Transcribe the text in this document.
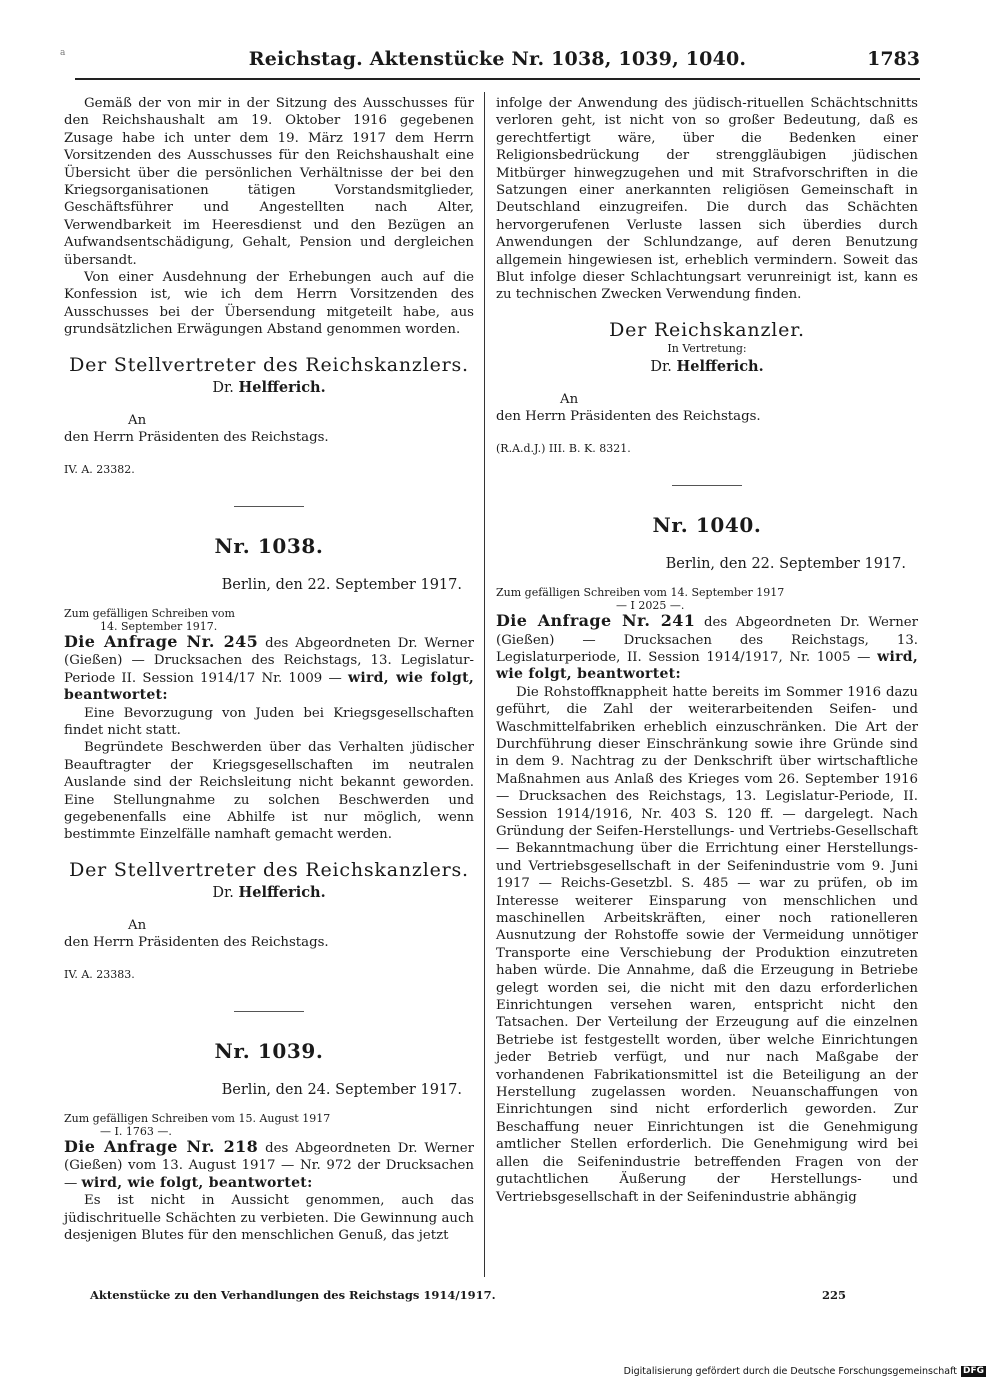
a	Reichstag. Aktenstücke Nr. 1038, 1039, 1040.	1783

Gemäß der von mir in der Sitzung des Ausschusses für den Reichshaushalt am 19. Oktober 1916 gegebenen Zusage habe ich unter dem 19. März 1917 dem Herrn Vorsitzenden des Ausschusses für den Reichshaushalt eine Übersicht über die persönlichen Verhältnisse der bei den Kriegsorganisationen tätigen Vorstandsmitglieder, Geschäftsführer und Angestellten nach Alter, Verwendbarkeit im Heeresdienst und den Bezügen an Aufwandsentschädigung, Gehalt, Pension und dergleichen übersandt.

Von einer Ausdehnung der Erhebungen auch auf die Konfession ist, wie ich dem Herrn Vorsitzenden des Ausschusses bei der Übersendung mitgeteilt habe, aus grundsätzlichen Erwägungen Abstand genommen worden.

Der Stellvertreter des Reichskanzlers.
Dr. Helfferich.
An
den Herrn Präsidenten des Reichstags.
IV. A. 23382.
Nr. 1038.
Berlin, den 22. September 1917.
Zum gefälligen Schreiben vom
14. September 1917.

Die Anfrage Nr. 245 des Abgeordneten Dr. Werner (Gießen) — Drucksachen des Reichstags, 13. Legislatur-Periode II. Session 1914/17 Nr. 1009 — wird, wie folgt, beantwortet:

Eine Bevorzugung von Juden bei Kriegsgesellschaften findet nicht statt.

Begründete Beschwerden über das Verhalten jüdischer Beauftragter der Kriegsgesellschaften im neutralen Auslande sind der Reichsleitung nicht bekannt geworden. Eine Stellungnahme zu solchen Beschwerden und gegebenenfalls eine Abhilfe ist nur möglich, wenn bestimmte Einzelfälle namhaft gemacht werden.

Der Stellvertreter des Reichskanzlers.
Dr. Helfferich.
An
den Herrn Präsidenten des Reichstags.
IV. A. 23383.
Nr. 1039.
Berlin, den 24. September 1917.
Zum gefälligen Schreiben vom 15. August 1917
— I. 1763 —.

Die Anfrage Nr. 218 des Abgeordneten Dr. Werner (Gießen) vom 13. August 1917 — Nr. 972 der Drucksachen — wird, wie folgt, beantwortet:

Es ist nicht in Aussicht genommen, auch das jüdischrituelle Schächten zu verbieten. Die Gewinnung auch desjenigen Blutes für den menschlichen Genuß, das jetzt

infolge der Anwendung des jüdisch-rituellen Schächtschnitts verloren geht, ist nicht von so großer Bedeutung, daß es gerechtfertigt wäre, über die Bedenken einer Religionsbedrückung der strenggläubigen jüdischen Mitbürger hinwegzugehen und mit Strafvorschriften in die Satzungen einer anerkannten religiösen Gemeinschaft in Deutschland einzugreifen. Die durch das Schächten hervorgerufenen Verluste lassen sich überdies durch Anwendungen der Schlundzange, auf deren Benutzung allgemein hingewiesen ist, erheblich vermindern. Soweit das Blut infolge dieser Schlachtungsart verunreinigt ist, kann es zu technischen Zwecken Verwendung finden.

Der Reichskanzler.
In Vertretung:
Dr. Helfferich.
An
den Herrn Präsidenten des Reichstags.
(R.A.d.J.) III. B. K. 8321.
Nr. 1040.
Berlin, den 22. September 1917.
Zum gefälligen Schreiben vom 14. September 1917
— I 2025 —.

Die Anfrage Nr. 241 des Abgeordneten Dr. Werner (Gießen) — Drucksachen des Reichstags, 13. Legislaturperiode, II. Session 1914/1917, Nr. 1005 — wird, wie folgt, beantwortet:

Die Rohstoffknappheit hatte bereits im Sommer 1916 dazu geführt, die Zahl der weiterarbeitenden Seifen- und Waschmittelfabriken erheblich einzuschränken. Die Art der Durchführung dieser Einschränkung sowie ihre Gründe sind in dem 9. Nachtrag zu der Denkschrift über wirtschaftliche Maßnahmen aus Anlaß des Krieges vom 26. September 1916 — Drucksachen des Reichstags, 13. Legislatur-Periode, II. Session 1914/1916, Nr. 403 S. 120 ff. — dargelegt. Nach Gründung der Seifen-Herstellungs- und Vertriebs-Gesellschaft — Bekanntmachung über die Errichtung einer Herstellungs- und Vertriebsgesellschaft in der Seifenindustrie vom 9. Juni 1917 — Reichs-Gesetzbl. S. 485 — war zu prüfen, ob im Interesse weiterer Einsparung von menschlichen und maschinellen Arbeitskräften, einer noch rationelleren Ausnutzung der Rohstoffe sowie der Vermeidung unnötiger Transporte eine Verschiebung der Produktion einzutreten haben würde. Die Annahme, daß die Erzeugung in Betriebe gelegt worden sei, die nicht mit den dazu erforderlichen Einrichtungen versehen waren, entspricht nicht den Tatsachen. Der Verteilung der Erzeugung auf die einzelnen Betriebe ist festgestellt worden, über welche Einrichtungen jeder Betrieb verfügt, und nur nach Maßgabe der vorhandenen Fabrikationsmittel ist die Beteiligung an der Herstellung zugelassen worden. Neuanschaffungen von Einrichtungen sind nicht erforderlich geworden. Zur Beschaffung neuer Einrichtungen ist die Genehmigung amtlicher Stellen erforderlich. Die Genehmigung wird bei allen die Seifenindustrie betreffenden Fragen von der gutachtlichen Äußerung der Herstellungs- und Vertriebsgesellschaft in der Seifenindustrie abhängig

Aktenstücke zu den Verhandlungen des Reichstags 1914/1917.	225
Digitalisierung gefördert durch die Deutsche Forschungsgemeinschaft DFG
